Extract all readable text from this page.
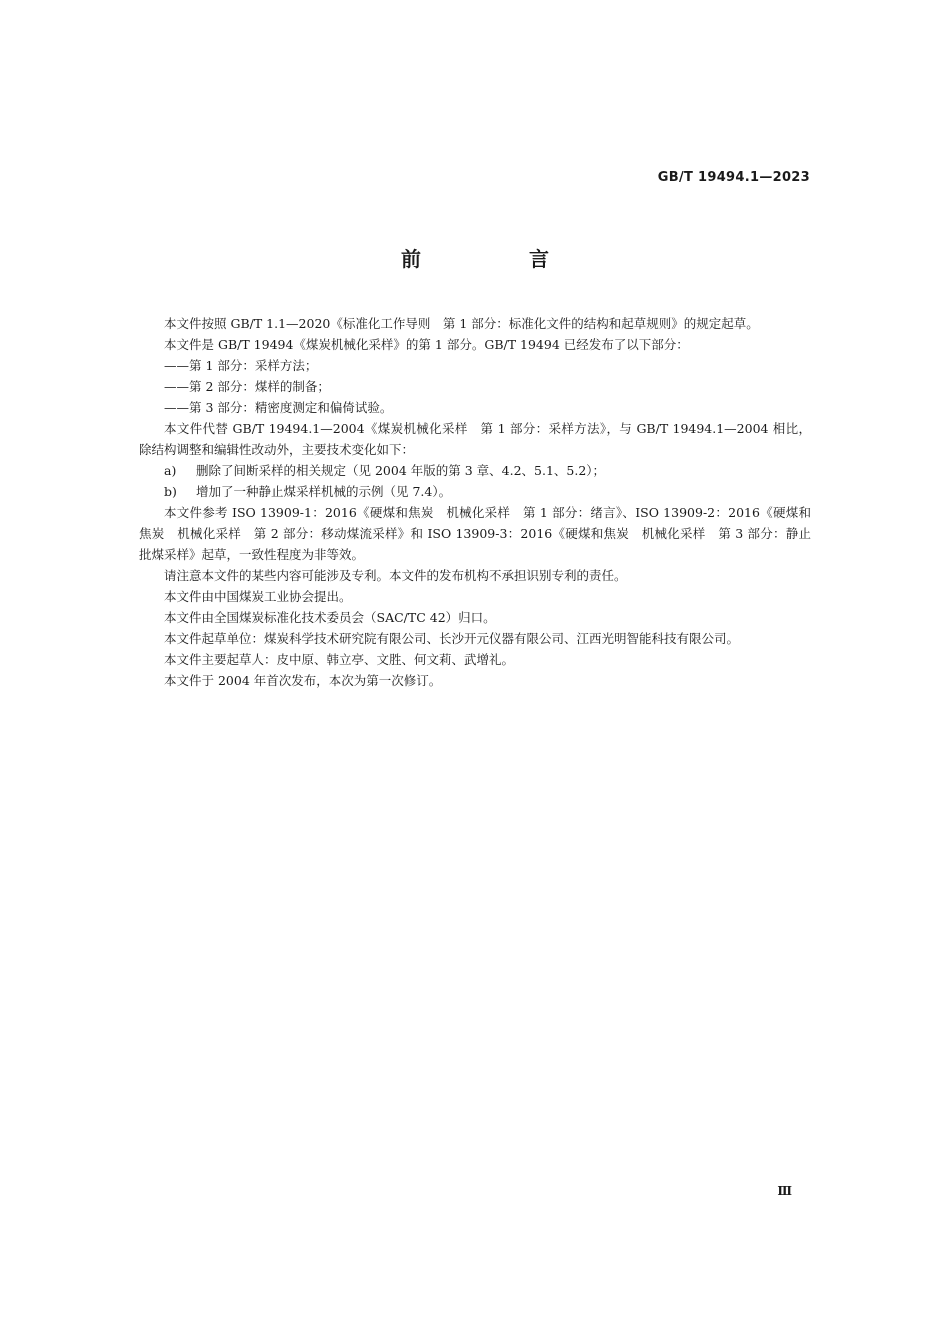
GB/T 19494.1—2023
前　言

本文件按照 GB/T 1.1—2020《标准化工作导则　第 1 部分：标准化文件的结构和起草规则》的规定起草。

本文件是 GB/T 19494《煤炭机械化采样》的第 1 部分。GB/T 19494 已经发布了以下部分：

——第 1 部分：采样方法；

——第 2 部分：煤样的制备；

——第 3 部分：精密度测定和偏倚试验。

本文件代替 GB/T 19494.1—2004《煤炭机械化采样　第 1 部分：采样方法》，与 GB/T 19494.1—2004 相比，除结构调整和编辑性改动外，主要技术变化如下：

a) 删除了间断采样的相关规定（见 2004 年版的第 3 章、4.2、5.1、5.2）；

b) 增加了一种静止煤采样机械的示例（见 7.4）。

本文件参考 ISO 13909-1：2016《硬煤和焦炭　机械化采样　第 1 部分：绪言》、ISO 13909-2：2016《硬煤和焦炭　机械化采样　第 2 部分：移动煤流采样》和 ISO 13909-3：2016《硬煤和焦炭　机械化采样　第 3 部分：静止批煤采样》起草，一致性程度为非等效。

请注意本文件的某些内容可能涉及专利。本文件的发布机构不承担识别专利的责任。

本文件由中国煤炭工业协会提出。

本文件由全国煤炭标准化技术委员会（SAC/TC 42）归口。

本文件起草单位：煤炭科学技术研究院有限公司、长沙开元仪器有限公司、江西光明智能科技有限公司。

本文件主要起草人：皮中原、韩立亭、文胜、何文莉、武增礼。

本文件于 2004 年首次发布，本次为第一次修订。

Ⅲ
